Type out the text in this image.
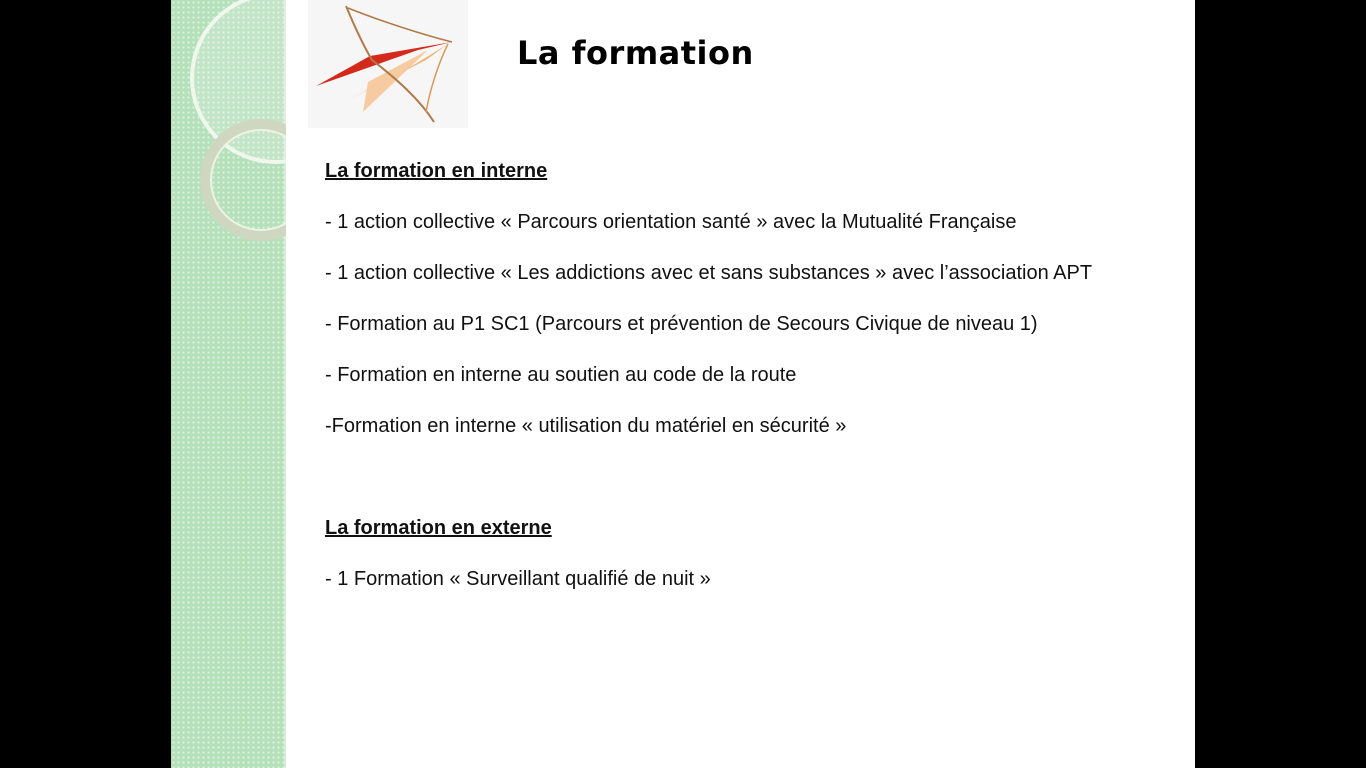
La formation

La formation en interne

- 1 action collective « Parcours orientation santé » avec la Mutualité Française

- 1 action collective « Les addictions avec et sans substances » avec l’association APT

- Formation au P1 SC1 (Parcours et prévention de Secours Civique de niveau 1)

- Formation en interne au soutien au code de la route

-Formation en interne « utilisation du matériel en sécurité »

La formation en externe

- 1 Formation « Surveillant qualifié de nuit »
